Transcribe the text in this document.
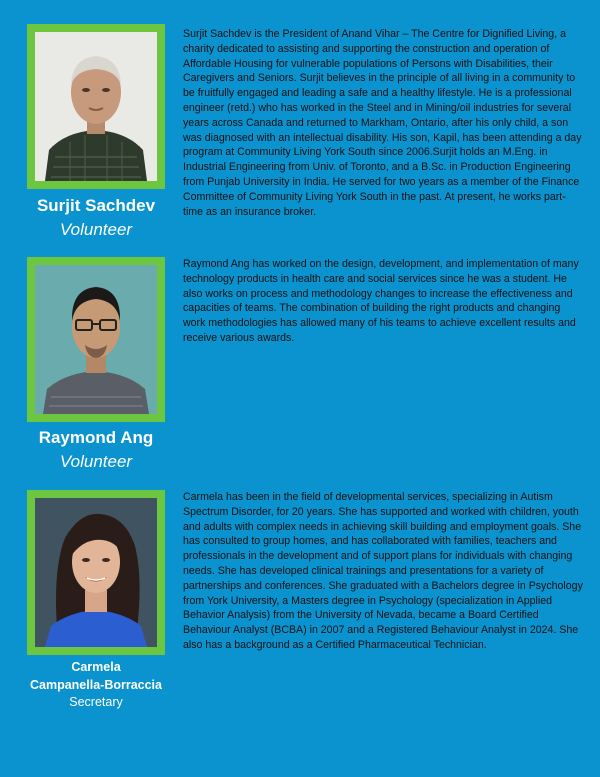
Surjit Sachdev
Volunteer

Surjit Sachdev is the President of Anand Vihar – The Centre for Dignified Living, a charity dedicated to assisting and supporting the construction and operation of Affordable Housing for vulnerable populations of Persons with Disabilities, their Caregivers and Seniors. Surjit believes in the principle of all living in a community to be fruitfully engaged and leading a safe and a healthy lifestyle. He is a professional engineer (retd.) who has worked in the Steel and in Mining/oil industries for several years across Canada and returned to Markham, Ontario, after his only child, a son was diagnosed with an intellectual disability. His son, Kapil, has been attending a day program at Community Living York South since 2006.Surjit holds an M.Eng. in Industrial Engineering from Univ. of Toronto, and a B.Sc. in Production Engineering from Punjab University in India. He served for two years as a member of the Finance Committee of Community Living York South in the past. At present, he works part-time as an insurance broker.

Raymond Ang
Volunteer

Raymond Ang has worked on the design, development, and implementation of many technology products in health care and social services since he was a student. He also works on process and methodology changes to increase the effectiveness and capacities of teams. The combination of building the right products and changing work methodologies has allowed many of his teams to achieve excellent results and receive various awards.

Carmela
Campanella-Borraccia
Secretary

Carmela has been in the field of developmental services, specializing in Autism Spectrum Disorder, for 20 years. She has supported and worked with children, youth and adults with complex needs in achieving skill building and employment goals. She has consulted to group homes, and has collaborated with families, teachers and professionals in the development and of support plans for individuals with changing needs. She has developed clinical trainings and presentations for a variety of partnerships and conferences. She graduated with a Bachelors degree in Psychology from York University, a Masters degree in Psychology (specialization in Applied Behavior Analysis) from the University of Nevada, became a Board Certified Behaviour Analyst (BCBA) in 2007 and a Registered Behaviour Analyst in 2024. She also has a background as a Certified Pharmaceutical Technician.
